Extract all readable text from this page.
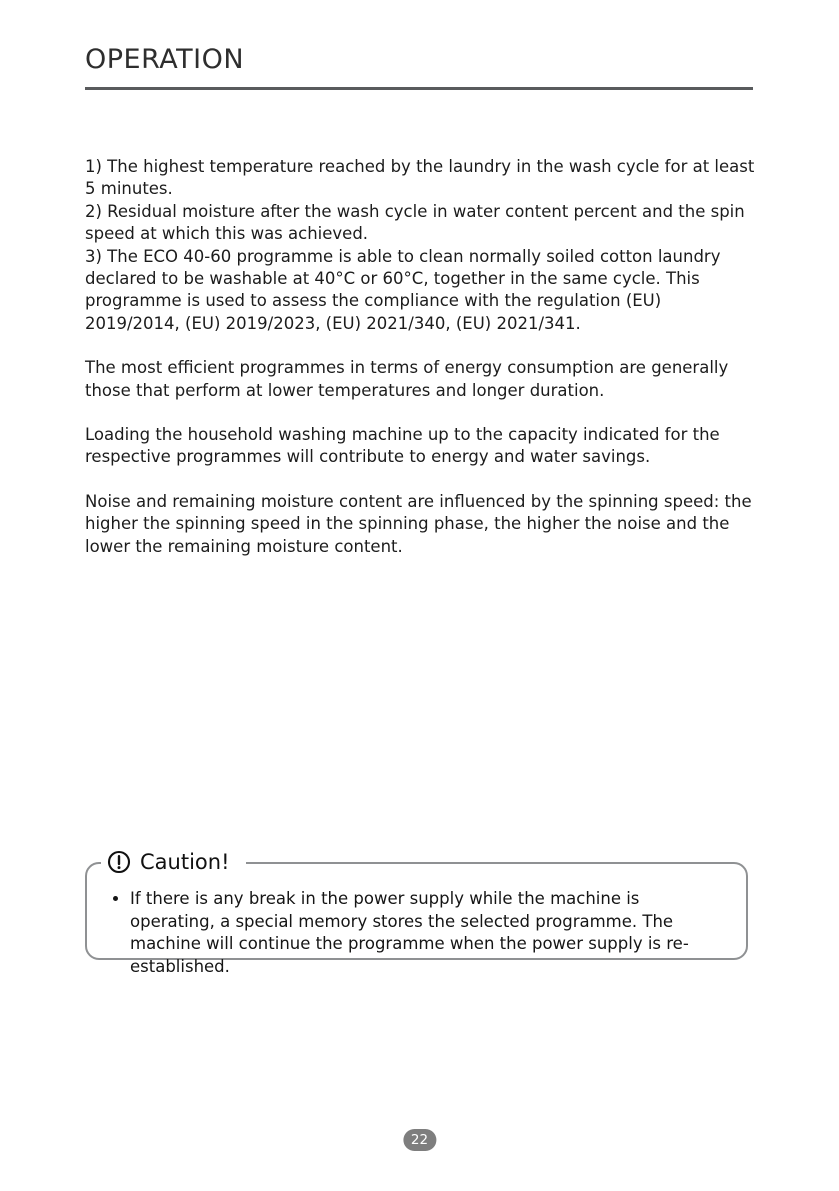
OPERATION

1) The highest temperature reached by the laundry in the wash cycle for at least 5 minutes.

2) Residual moisture after the wash cycle in water content percent and the spin speed at which this was achieved.

3) The ECO 40-60 programme is able to clean normally soiled cotton laundry declared to be washable at 40°C or 60°C, together in the same cycle. This programme is used to assess the compliance with the regulation (EU) 2019/2014, (EU) 2019/2023, (EU) 2021/340, (EU) 2021/341.

The most efficient programmes in terms of energy consumption are generally those that perform at lower temperatures and longer duration.

Loading the household washing machine up to the capacity indicated for the respective programmes will contribute to energy and water savings.

Noise and remaining moisture content are influenced by the spinning speed: the higher the spinning speed in the spinning phase, the higher the noise and the lower the remaining moisture content.

Caution!
• If there is any break in the power supply while the machine is operating, a special memory stores the selected programme. The machine will continue the programme when the power supply is re-established.
22
